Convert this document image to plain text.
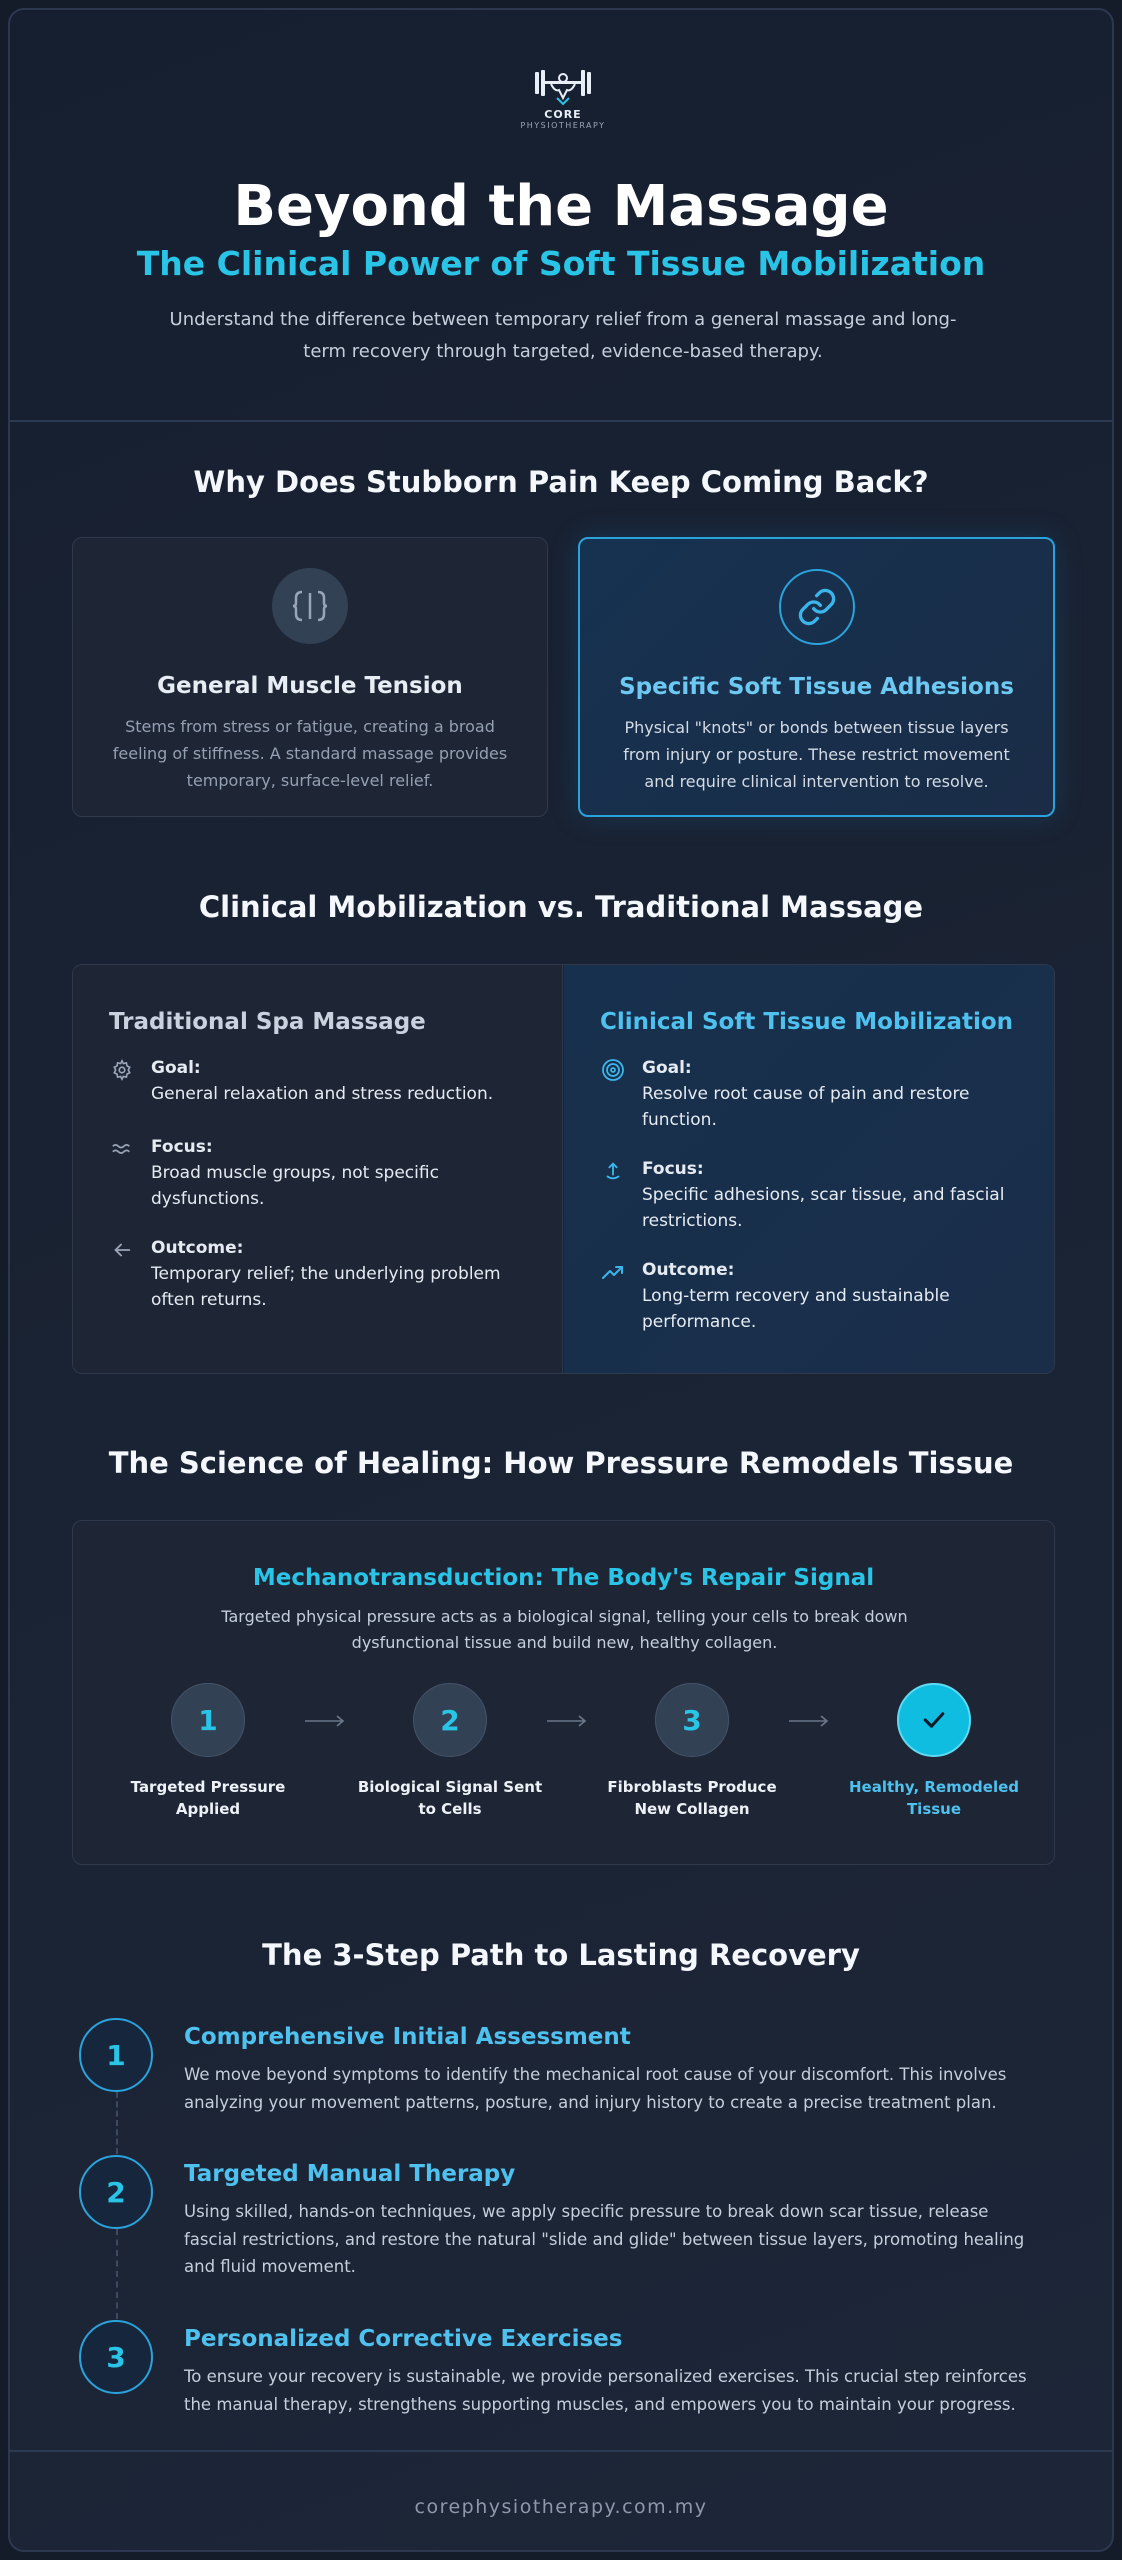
CORE
PHYSIOTHERAPY
Beyond the Massage
The Clinical Power of Soft Tissue Mobilization
Understand the difference between temporary relief from a general massage and long-term recovery through targeted, evidence-based therapy.
Why Does Stubborn Pain Keep Coming Back?
General Muscle Tension
Stems from stress or fatigue, creating a broad feeling of stiffness. A standard massage provides temporary, surface-level relief.
Specific Soft Tissue Adhesions
Physical "knots" or bonds between tissue layers from injury or posture. These restrict movement and require clinical intervention to resolve.
Clinical Mobilization vs. Traditional Massage
Traditional Spa Massage
Goal:
General relaxation and stress reduction.
Focus:
Broad muscle groups, not specific dysfunctions.
Outcome:
Temporary relief; the underlying problem often returns.
Clinical Soft Tissue Mobilization
Goal:
Resolve root cause of pain and restore function.
Focus:
Specific adhesions, scar tissue, and fascial restrictions.
Outcome:
Long-term recovery and sustainable performance.
The Science of Healing: How Pressure Remodels Tissue
Mechanotransduction: The Body's Repair Signal
Targeted physical pressure acts as a biological signal, telling your cells to break down dysfunctional tissue and build new, healthy collagen.
1
Targeted Pressure Applied
2
Biological Signal Sent to Cells
3
Fibroblasts Produce New Collagen
Healthy, Remodeled Tissue
The 3-Step Path to Lasting Recovery
1
Comprehensive Initial Assessment
We move beyond symptoms to identify the mechanical root cause of your discomfort. This involves analyzing your movement patterns, posture, and injury history to create a precise treatment plan.
2
Targeted Manual Therapy
Using skilled, hands-on techniques, we apply specific pressure to break down scar tissue, release fascial restrictions, and restore the natural "slide and glide" between tissue layers, promoting healing and fluid movement.
3
Personalized Corrective Exercises
To ensure your recovery is sustainable, we provide personalized exercises. This crucial step reinforces the manual therapy, strengthens supporting muscles, and empowers you to maintain your progress.
corephysiotherapy.com.my
